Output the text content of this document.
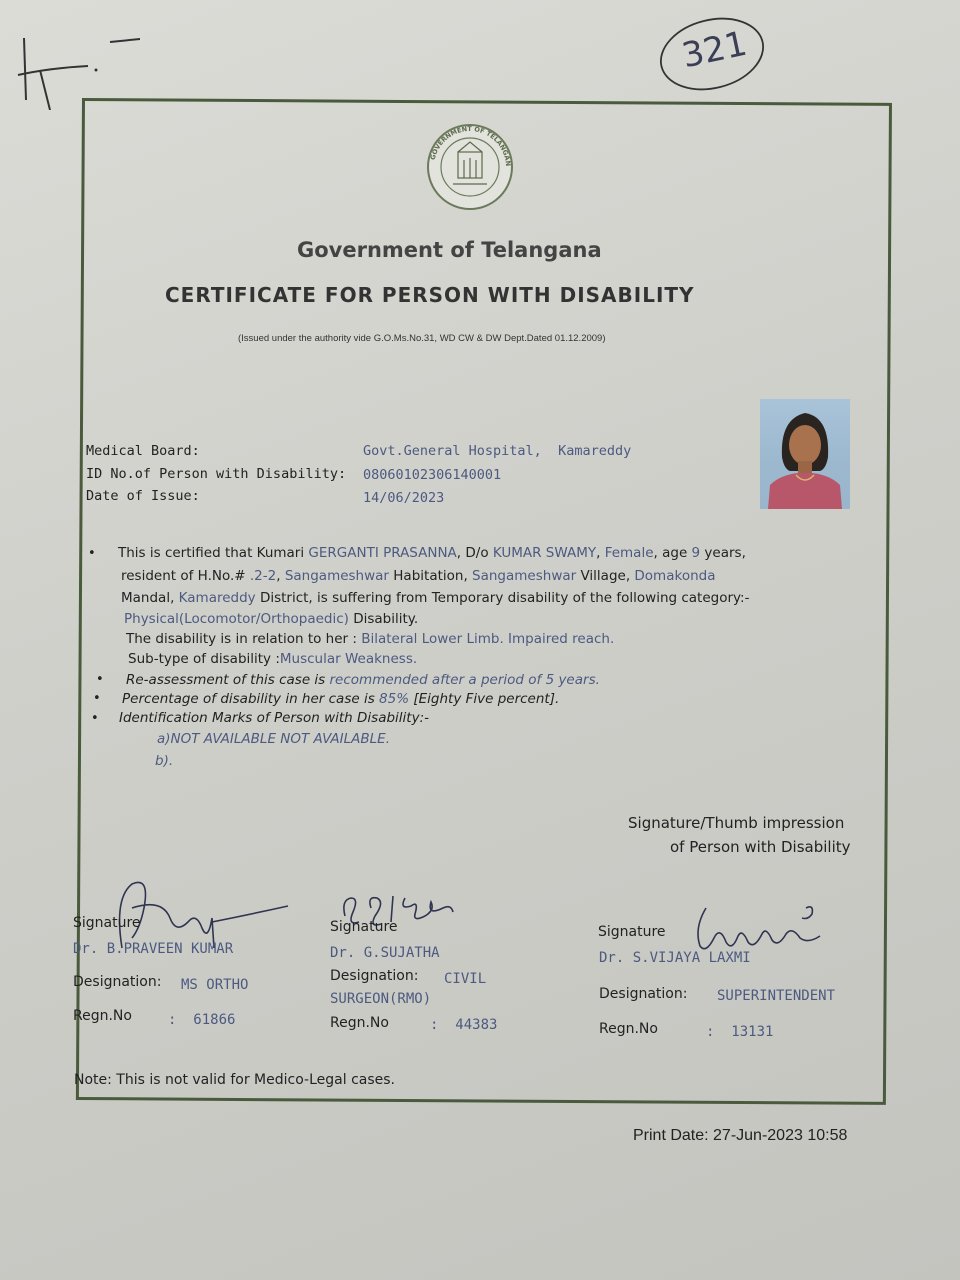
321
GOVERNMENT OF TELANGAN
Government of Telangana
CERTIFICATE FOR PERSON WITH DISABILITY
(Issued under the authority vide G.O.Ms.No.31, WD CW & DW Dept.Dated 01.12.2009)
Medical Board:	Govt.General Hospital,  Kamareddy
ID No.of Person with Disability: 08060102306140001
Date of Issue:	14/06/2023
• This is certified that Kumari GERGANTI PRASANNA, D/o KUMAR SWAMY, Female, age 9 years,
resident of H.No.# .2-2, Sangameshwar Habitation, Sangameshwar Village, Domakonda
Mandal, Kamareddy District, is suffering from Temporary disability of the following category:-
Physical(Locomotor/Orthopaedic) Disability.
The disability is in relation to her : Bilateral Lower Limb. Impaired reach.
Sub-type of disability :Muscular Weakness.
• Re-assessment of this case is recommended after a period of 5 years.
• Percentage of disability in her case is 85% [Eighty Five percent].
• Identification Marks of Person with Disability:-
a)NOT AVAILABLE NOT AVAILABLE.
b).
Signature/Thumb impression
of Person with Disability
Signature
Dr. B.PRAVEEN KUMAR
Designation: MS ORTHO
Regn.No	:  61866
Signature
Dr. G.SUJATHA
Designation: CIVIL
SURGEON(RMO)
Regn.No	:  44383
Signature
Dr. S.VIJAYA LAXMI
Designation: SUPERINTENDENT
Regn.No	:  13131
Note: This is not valid for Medico-Legal cases.
Print Date: 27-Jun-2023 10:58
